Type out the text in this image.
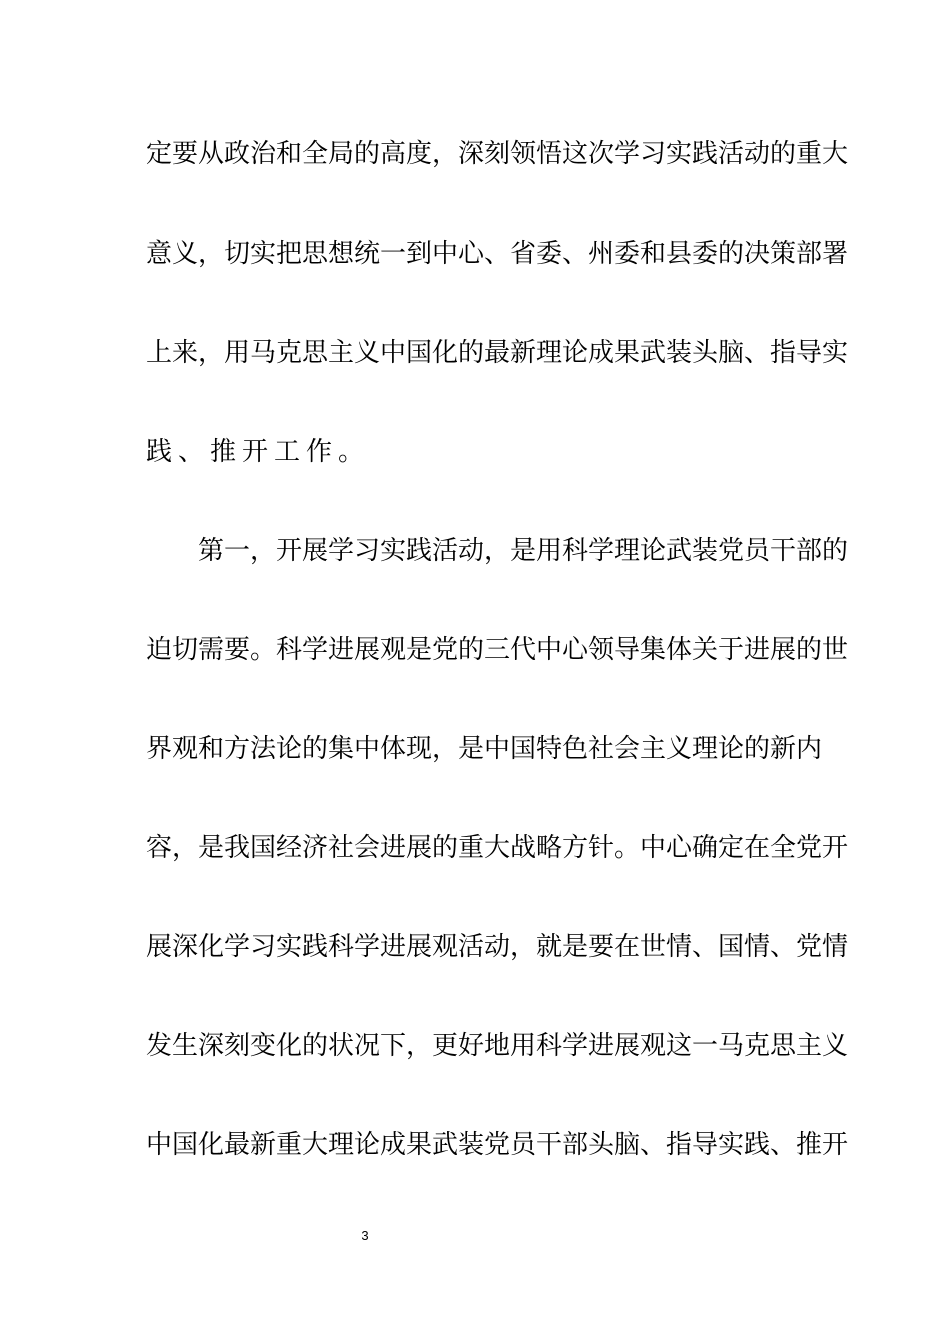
定要从政治和全局的高度，深刻领悟这次学习实践活动的重大
意义，切实把思想统一到中心、省委、州委和县委的决策部署
上来，用马克思主义中国化的最新理论成果武装头脑、指导实
践、推开工作。
第一，开展学习实践活动，是用科学理论武装党员干部的
迫切需要。科学进展观是党的三代中心领导集体关于进展的世
界观和方法论的集中体现，是中国特色社会主义理论的新内
容，是我国经济社会进展的重大战略方针。中心确定在全党开
展深化学习实践科学进展观活动，就是要在世情、国情、党情
发生深刻变化的状况下，更好地用科学进展观这一马克思主义
中国化最新重大理论成果武装党员干部头脑、指导实践、推开
3
